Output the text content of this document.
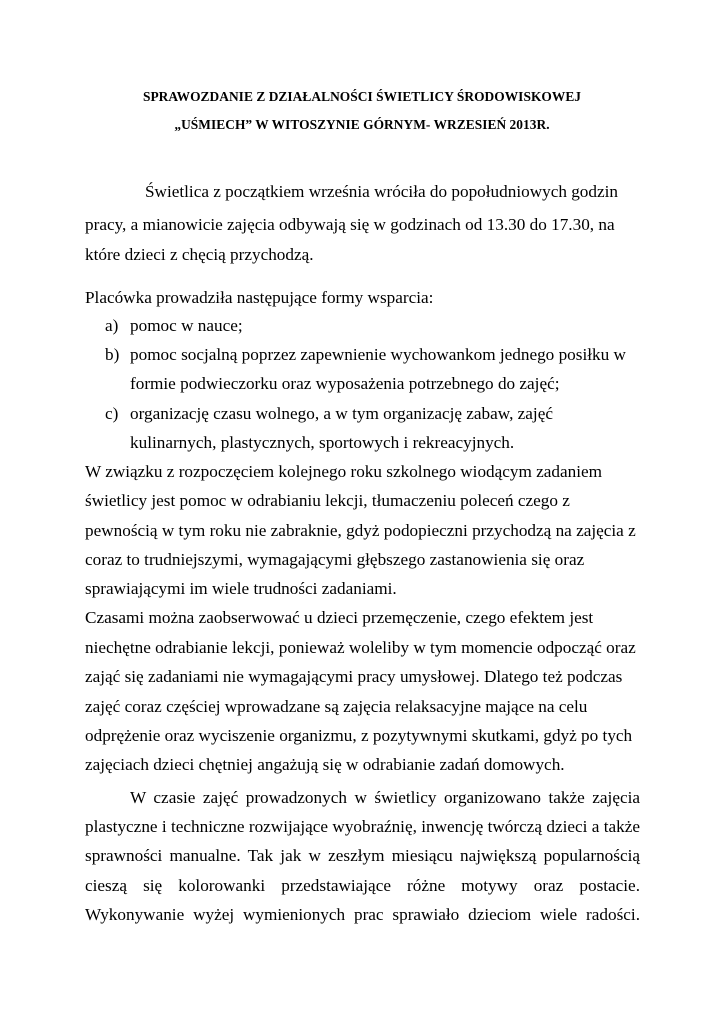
SPRAWOZDANIE Z DZIAŁALNOŚCI ŚWIETLICY ŚRODOWISKOWEJ
„UŚMIECH” W WITOSZYNIE GÓRNYM- WRZESIEŃ 2013R.
Świetlica z początkiem września wróciła do popołudniowych godzin
pracy, a mianowicie zajęcia odbywają się w godzinach od 13.30 do 17.30, na
które dzieci z chęcią przychodzą.
Placówka prowadziła następujące formy wsparcia:
a) pomoc w nauce;
b) pomoc socjalną poprzez zapewnienie wychowankom jednego posiłku w
formie podwieczorku oraz wyposażenia potrzebnego do zajęć;
c) organizację czasu wolnego, a w tym organizację zabaw, zajęć
kulinarnych, plastycznych, sportowych i rekreacyjnych.
W związku z rozpoczęciem kolejnego roku szkolnego wiodącym zadaniem
świetlicy jest pomoc w odrabianiu lekcji, tłumaczeniu poleceń czego z
pewnością w tym roku nie zabraknie, gdyż podopieczni przychodzą na zajęcia z
coraz to trudniejszymi, wymagającymi głębszego zastanowienia się oraz
sprawiającymi im wiele trudności zadaniami.
Czasami można zaobserwować u dzieci przemęczenie, czego efektem jest
niechętne odrabianie lekcji, ponieważ woleliby w tym momencie odpocząć oraz
zająć się zadaniami nie wymagającymi pracy umysłowej. Dlatego też podczas
zajęć coraz częściej wprowadzane są zajęcia relaksacyjne mające na celu
odprężenie oraz wyciszenie organizmu, z pozytywnymi skutkami, gdyż po tych
zajęciach dzieci chętniej angażują się w odrabianie zadań domowych.
W czasie zajęć prowadzonych w świetlicy organizowano także zajęcia
plastyczne i techniczne rozwijające wyobraźnię, inwencję twórczą dzieci a także
sprawności manualne. Tak jak w zeszłym miesiącu największą popularnością
cieszą się kolorowanki przedstawiające różne motywy oraz postacie.
Wykonywanie wyżej wymienionych prac sprawiało dzieciom wiele radości.
